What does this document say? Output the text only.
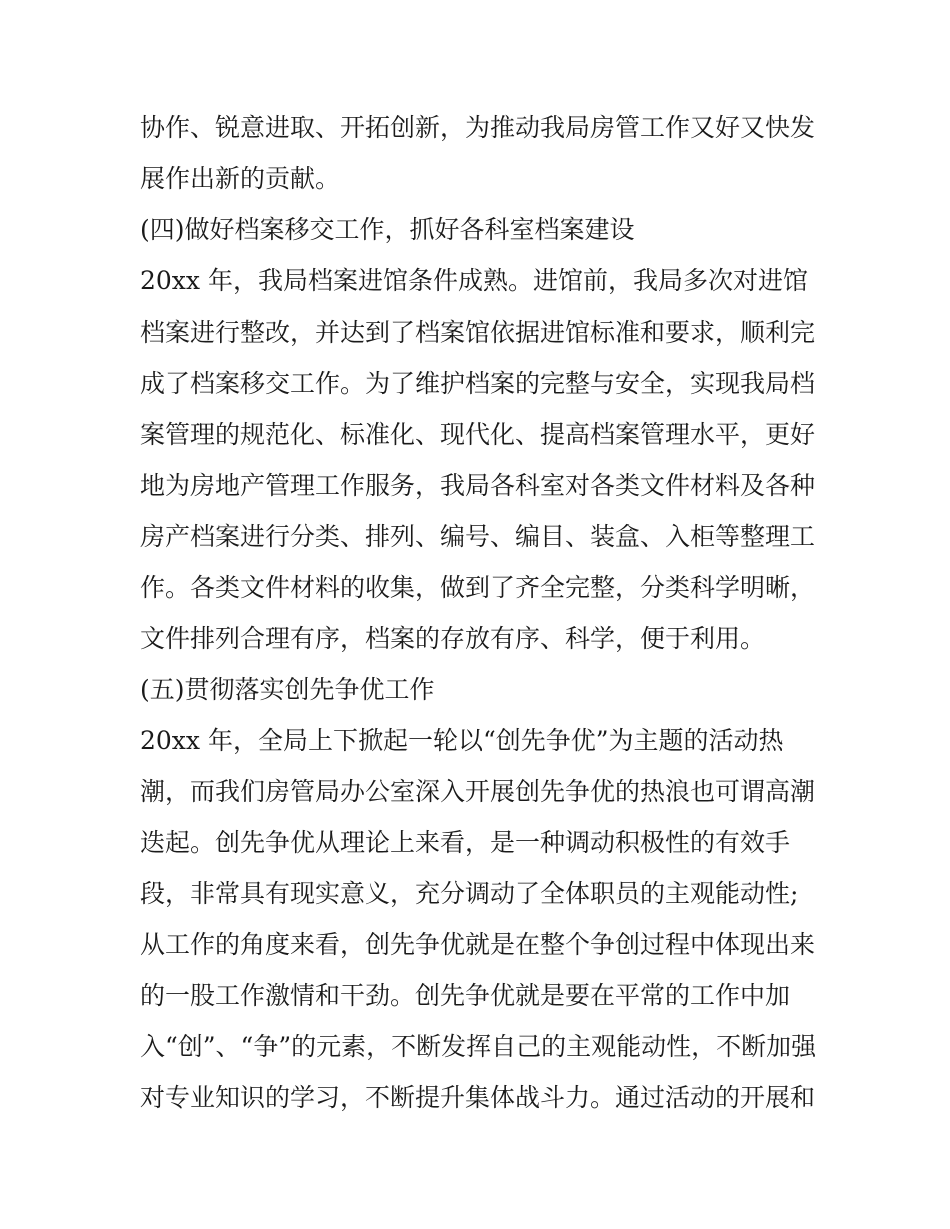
协作、锐意进取、开拓创新，为推动我局房管工作又好又快发
展作出新的贡献。
(四)做好档案移交工作，抓好各科室档案建设
20xx 年，我局档案进馆条件成熟。进馆前，我局多次对进馆
档案进行整改，并达到了档案馆依据进馆标准和要求，顺利完
成了档案移交工作。为了维护档案的完整与安全，实现我局档
案管理的规范化、标准化、现代化、提高档案管理水平，更好
地为房地产管理工作服务，我局各科室对各类文件材料及各种
房产档案进行分类、排列、编号、编目、装盒、入柜等整理工
作。各类文件材料的收集，做到了齐全完整，分类科学明晰，
文件排列合理有序，档案的存放有序、科学，便于利用。
(五)贯彻落实创先争优工作
20xx 年，全局上下掀起一轮以“创先争优”为主题的活动热
潮，而我们房管局办公室深入开展创先争优的热浪也可谓高潮
迭起。创先争优从理论上来看，是一种调动积极性的有效手
段，非常具有现实意义，充分调动了全体职员的主观能动性;
从工作的角度来看，创先争优就是在整个争创过程中体现出来
的一股工作激情和干劲。创先争优就是要在平常的工作中加
入“创”、“争”的元素，不断发挥自己的主观能动性，不断加强
对专业知识的学习，不断提升集体战斗力。通过活动的开展和
